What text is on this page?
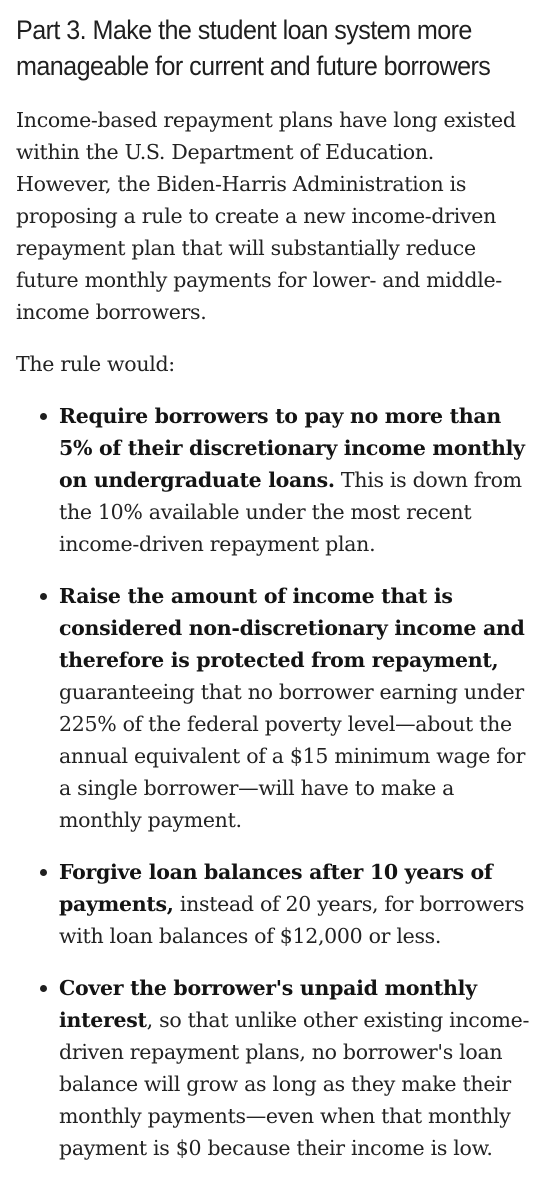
Part 3. Make the student loan system more manageable for current and future borrowers

Income-based repayment plans have long existed within the U.S. Department of Education. However, the Biden-Harris Administration is proposing a rule to create a new income-driven repayment plan that will substantially reduce future monthly payments for lower- and middle-income borrowers.

The rule would:

Require borrowers to pay no more than 5% of their discretionary income monthly on undergraduate loans. This is down from the 10% available under the most recent income-driven repayment plan.
Raise the amount of income that is considered non-discretionary income and therefore is protected from repayment, guaranteeing that no borrower earning under 225% of the federal poverty level—about the annual equivalent of a $15 minimum wage for a single borrower—will have to make a monthly payment.
Forgive loan balances after 10 years of payments, instead of 20 years, for borrowers with loan balances of $12,000 or less.
Cover the borrower's unpaid monthly interest, so that unlike other existing income-driven repayment plans, no borrower's loan balance will grow as long as they make their monthly payments—even when that monthly payment is $0 because their income is low.
